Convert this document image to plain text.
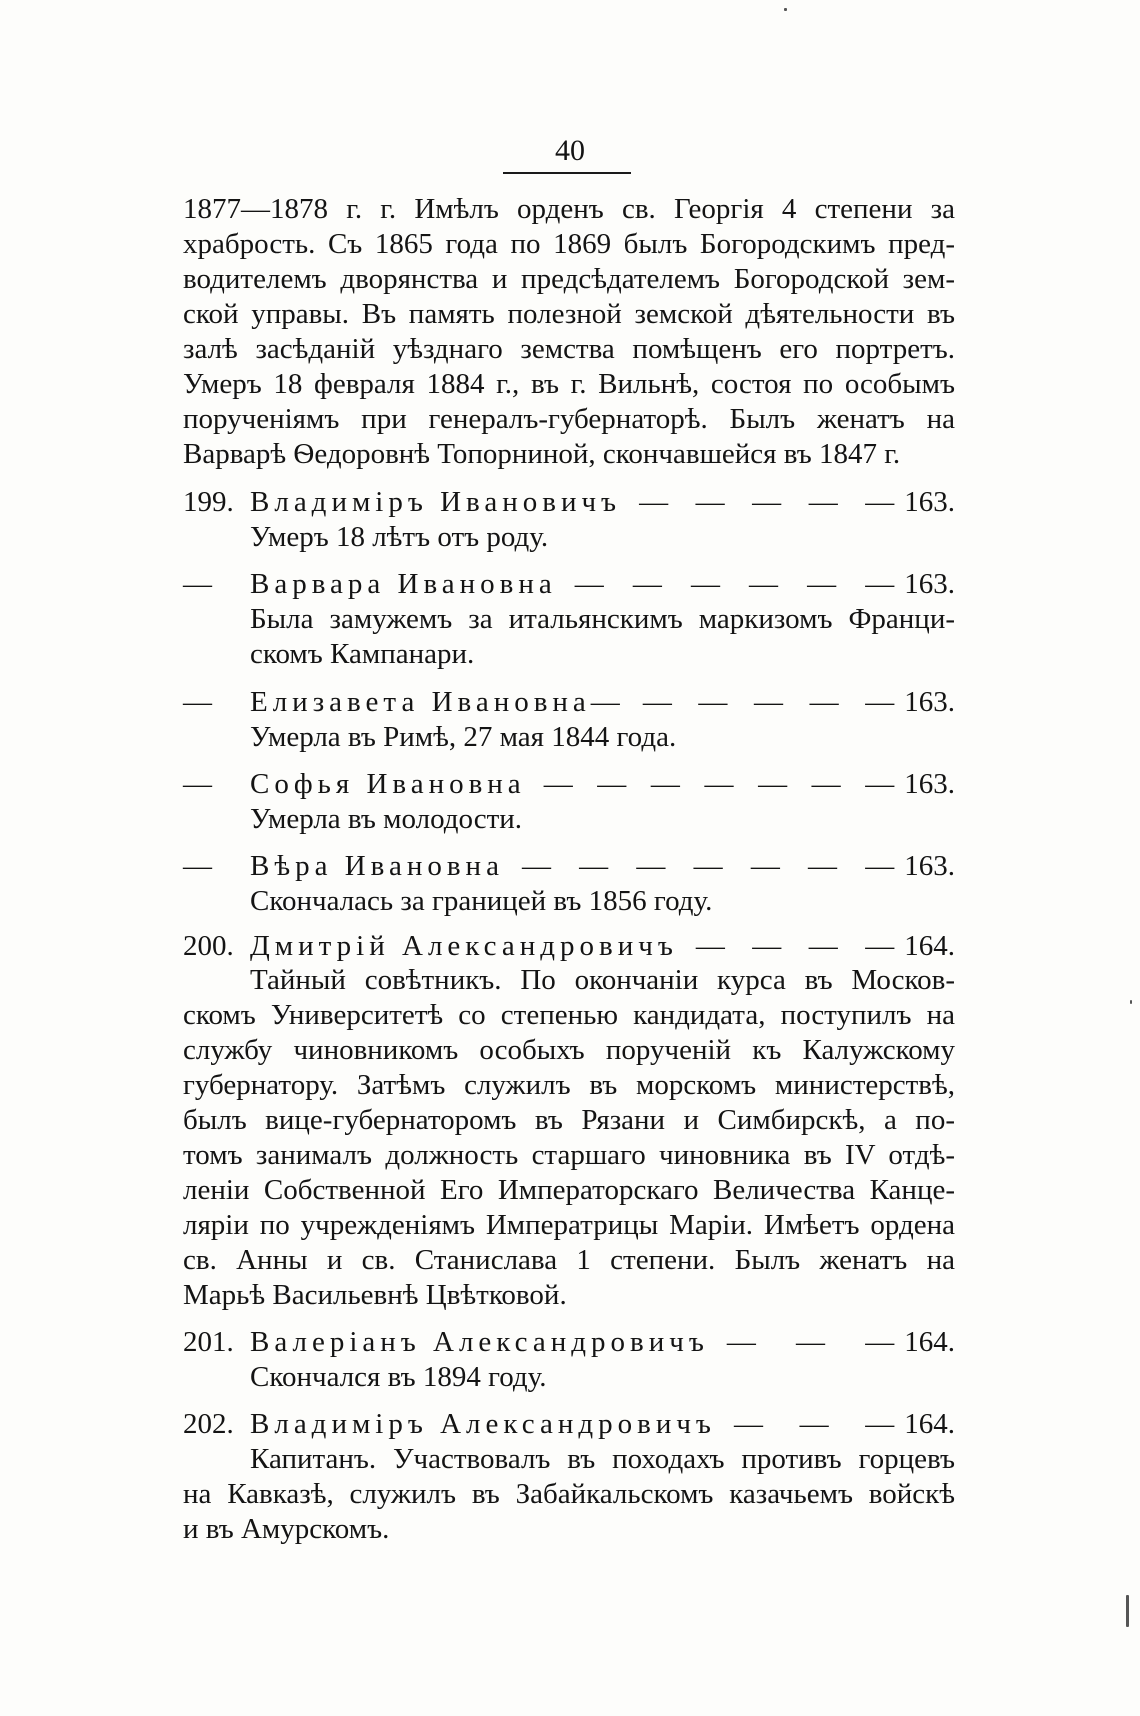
40
1877—1878 г. г. Имѣлъ орденъ св. Георгія 4 степени за
храбрость. Съ 1865 года по 1869 былъ Богородскимъ пред-
водителемъ дворянства и предсѣдателемъ Богородской зем-
ской управы. Въ память полезной земской дѣятельности въ
залѣ засѣданій уѣзднаго земства помѣщенъ его портретъ.
Умеръ 18 февраля 1884 г., въ г. Вильнѣ, состоя по особымъ
порученіямъ при генералъ-губернаторѣ. Былъ женатъ на
Варварѣ Ѳедоровнѣ Топорниной, скончавшейся въ 1847 г.
199. Владиміръ Ивановичъ — — — — — 163.
Умеръ 18 лѣтъ отъ роду.
—	Варвара Ивановна — — — — — — 163.
Была замужемъ за итальянскимъ маркизомъ Франци-
скомъ Кампанари.
—	Елизавета Ивановна— — — — — — 163.
Умерла въ Римѣ, 27 мая 1844 года.
—	Софья Ивановна — — — — — — — 163.
Умерла въ молодости.
—	Вѣра Ивановна — — — — — — — 163.
Скончалась за границей въ 1856 году.
200. Дмитрій Александровичъ — — — — 164.
Тайный совѣтникъ. По окончаніи курса въ Москов-
скомъ Университетѣ со степенью кандидата, поступилъ на
службу чиновникомъ особыхъ порученій къ Калужскому
губернатору. Затѣмъ служилъ въ морскомъ министерствѣ,
былъ вице-губернаторомъ въ Рязани и Симбирскѣ, а по-
томъ занималъ должность старшаго чиновника въ IV отдѣ-
леніи Собственной Его Императорскаго Величества Канце-
ляріи по учрежденіямъ Императрицы Маріи. Имѣетъ ордена
св. Анны и св. Станислава 1 степени. Былъ женатъ на
Марьѣ Васильевнѣ Цвѣтковой.
201. Валеріанъ Александровичъ — — — 164.
Скончался въ 1894 году.
202. Владиміръ Александровичъ — — — 164.
Капитанъ. Участвовалъ въ походахъ противъ горцевъ
на Кавказѣ, служилъ въ Забайкальскомъ казачьемъ войскѣ
и въ Амурскомъ.
